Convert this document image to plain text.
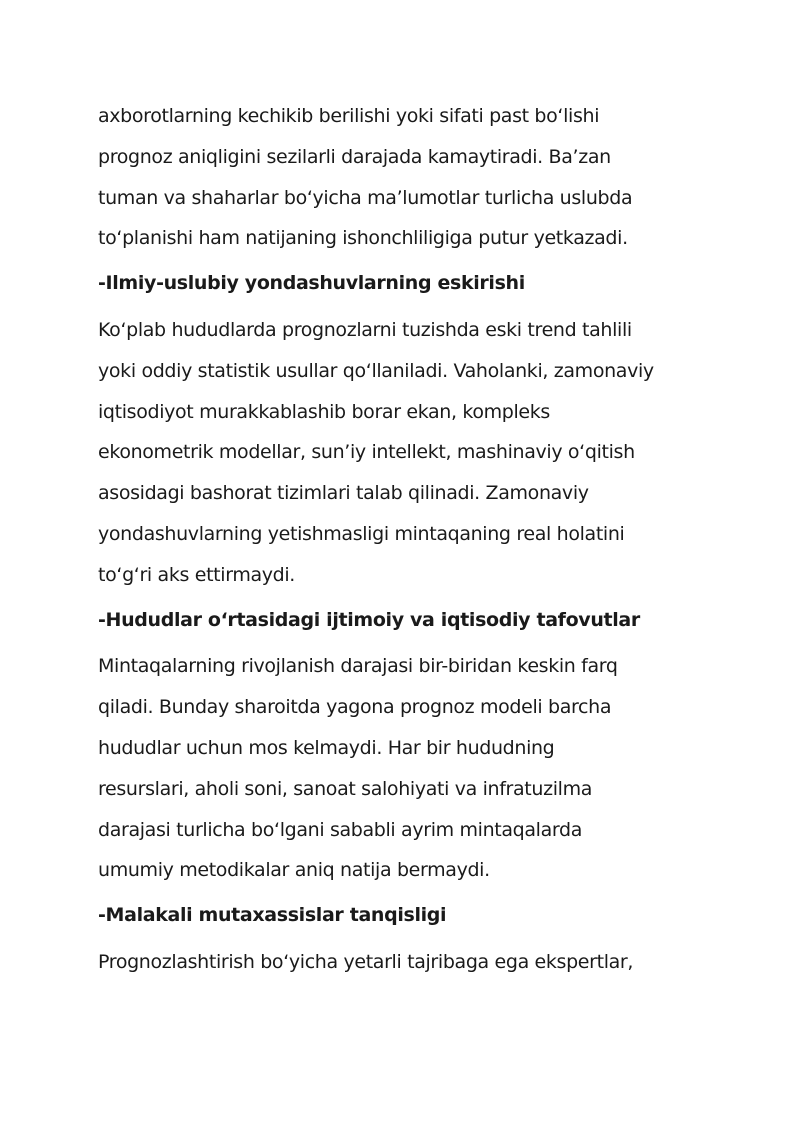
axborotlarning kechikib berilishi yoki sifati past bo‘lishi
prognoz aniqligini sezilarli darajada kamaytiradi. Ba’zan
tuman va shaharlar bo‘yicha ma’lumotlar turlicha uslubda
to‘planishi ham natijaning ishonchliligiga putur yetkazadi.

-Ilmiy-uslubiy yondashuvlarning eskirishi

Ko‘plab hududlarda prognozlarni tuzishda eski trend tahlili
yoki oddiy statistik usullar qo‘llaniladi. Vaholanki, zamonaviy
iqtisodiyot murakkablashib borar ekan, kompleks
ekonometrik modellar, sun’iy intellekt, mashinaviy o‘qitish
asosidagi bashorat tizimlari talab qilinadi. Zamonaviy
yondashuvlarning yetishmasligi mintaqaning real holatini
to‘g‘ri aks ettirmaydi.

-Hududlar o‘rtasidagi ijtimoiy va iqtisodiy tafovutlar

Mintaqalarning rivojlanish darajasi bir-biridan keskin farq
qiladi. Bunday sharoitda yagona prognoz modeli barcha
hududlar uchun mos kelmaydi. Har bir hududning
resurslari, aholi soni, sanoat salohiyati va infratuzilma
darajasi turlicha bo‘lgani sababli ayrim mintaqalarda
umumiy metodikalar aniq natija bermaydi.

-Malakali mutaxassislar tanqisligi

Prognozlashtirish bo‘yicha yetarli tajribaga ega ekspertlar,
